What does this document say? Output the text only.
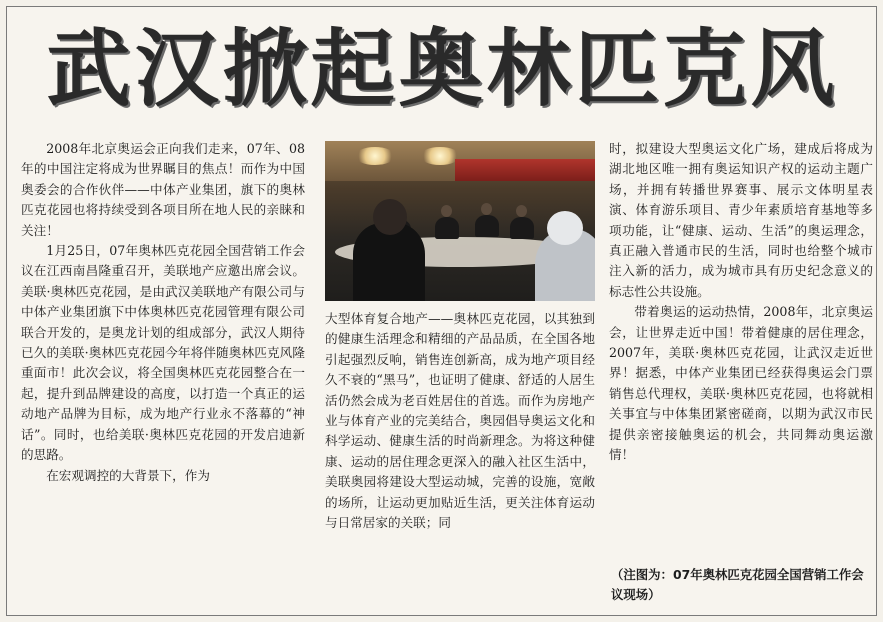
武汉掀起奥林匹克风

2008年北京奥运会正向我们走来，07年、08年的中国注定将成为世界瞩目的焦点！而作为中国奥委会的合作伙伴——中体产业集团，旗下的奥林匹克花园也将持续受到各项目所在地人民的亲睐和关注！

1月25日，07年奥林匹克花园全国营销工作会议在江西南昌隆重召开，美联地产应邀出席会议。美联·奥林匹克花园，是由武汉美联地产有限公司与中体产业集团旗下中体奥林匹克花园管理有限公司联合开发的，是奥龙计划的组成部分，武汉人期待已久的美联·奥林匹克花园今年将伴随奥林匹克风隆重面市！此次会议，将全国奥林匹克花园整合在一起，提升到品牌建设的高度，以打造一个真正的运动地产品牌为目标，成为地产行业永不落幕的“神话”。同时，也给美联·奥林匹克花园的开发启迪新的思路。

在宏观调控的大背景下，作为

大型体育复合地产——奥林匹克花园，以其独到的健康生活理念和精细的产品品质，在全国各地引起强烈反响，销售连创新高，成为地产项目经久不衰的“黑马”，也证明了健康、舒适的人居生活仍然会成为老百姓居住的首选。而作为房地产业与体育产业的完美结合，奥园倡导奥运文化和科学运动、健康生活的时尚新理念。为将这种健康、运动的居住理念更深入的融入社区生活中，美联奥园将建设大型运动城，完善的设施，宽敞的场所，让运动更加贴近生活，更关注体育运动与日常居家的关联；同

时，拟建设大型奥运文化广场，建成后将成为湖北地区唯一拥有奥运知识产权的运动主题广场，并拥有转播世界赛事、展示文体明星表演、体育游乐项目、青少年素质培育基地等多项功能，让“健康、运动、生活”的奥运理念，真正融入普通市民的生活，同时也给整个城市注入新的活力，成为城市具有历史纪念意义的标志性公共设施。

带着奥运的运动热情，2008年，北京奥运会，让世界走近中国！带着健康的居住理念，2007年，美联·奥林匹克花园，让武汉走近世界！据悉，中体产业集团已经获得奥运会门票销售总代理权，美联·奥林匹克花园，也将就相关事宜与中体集团紧密磋商，以期为武汉市民提供亲密接触奥运的机会，共同舞动奥运激情！

（注图为：07年奥林匹克花园全国营销工作会议现场）
